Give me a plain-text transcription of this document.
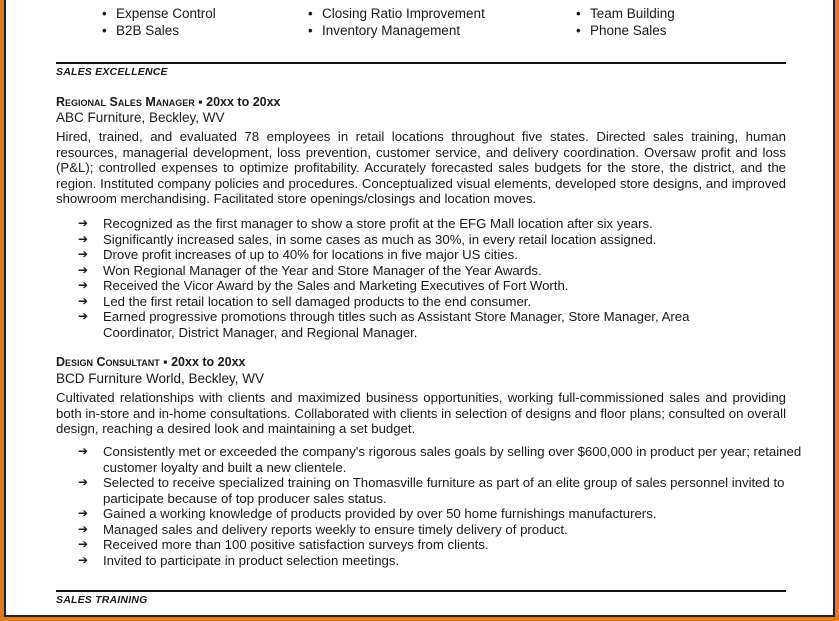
• Expense Control	• Closing Ratio Improvement	• Team Building
• B2B Sales	• Inventory Management	• Phone Sales
SALES EXCELLENCE
Regional Sales Manager ▪ 20xx to 20xx
ABC Furniture, Beckley, WV
Hired, trained, and evaluated 78 employees in retail locations throughout five states. Directed sales training, human resources, managerial development, loss prevention, customer service, and delivery coordination. Oversaw profit and loss (P&L); controlled expenses to optimize profitability. Accurately forecasted sales budgets for the store, the district, and the region. Instituted company policies and procedures. Conceptualized visual elements, developed store designs, and improved showroom merchandising. Facilitated store openings/closings and location moves.
➔ Recognized as the first manager to show a store profit at the EFG Mall location after six years.
➔ Significantly increased sales, in some cases as much as 30%, in every retail location assigned.
➔ Drove profit increases of up to 40% for locations in five major US cities.
➔ Won Regional Manager of the Year and Store Manager of the Year Awards.
➔ Received the Vicor Award by the Sales and Marketing Executives of Fort Worth.
➔ Led the first retail location to sell damaged products to the end consumer.
➔ Earned progressive promotions through titles such as Assistant Store Manager, Store Manager, Area Coordinator, District Manager, and Regional Manager.
Design Consultant ▪ 20xx to 20xx
BCD Furniture World, Beckley, WV
Cultivated relationships with clients and maximized business opportunities, working full-commissioned sales and providing both in-store and in-home consultations. Collaborated with clients in selection of designs and floor plans; consulted on overall design, reaching a desired look and maintaining a set budget.
➔ Consistently met or exceeded the company's rigorous sales goals by selling over $600,000 in product per year; retained customer loyalty and built a new clientele.
➔ Selected to receive specialized training on Thomasville furniture as part of an elite group of sales personnel invited to participate because of top producer sales status.
➔ Gained a working knowledge of products provided by over 50 home furnishings manufacturers.
➔ Managed sales and delivery reports weekly to ensure timely delivery of product.
➔ Received more than 100 positive satisfaction surveys from clients.
➔ Invited to participate in product selection meetings.
SALES TRAINING
